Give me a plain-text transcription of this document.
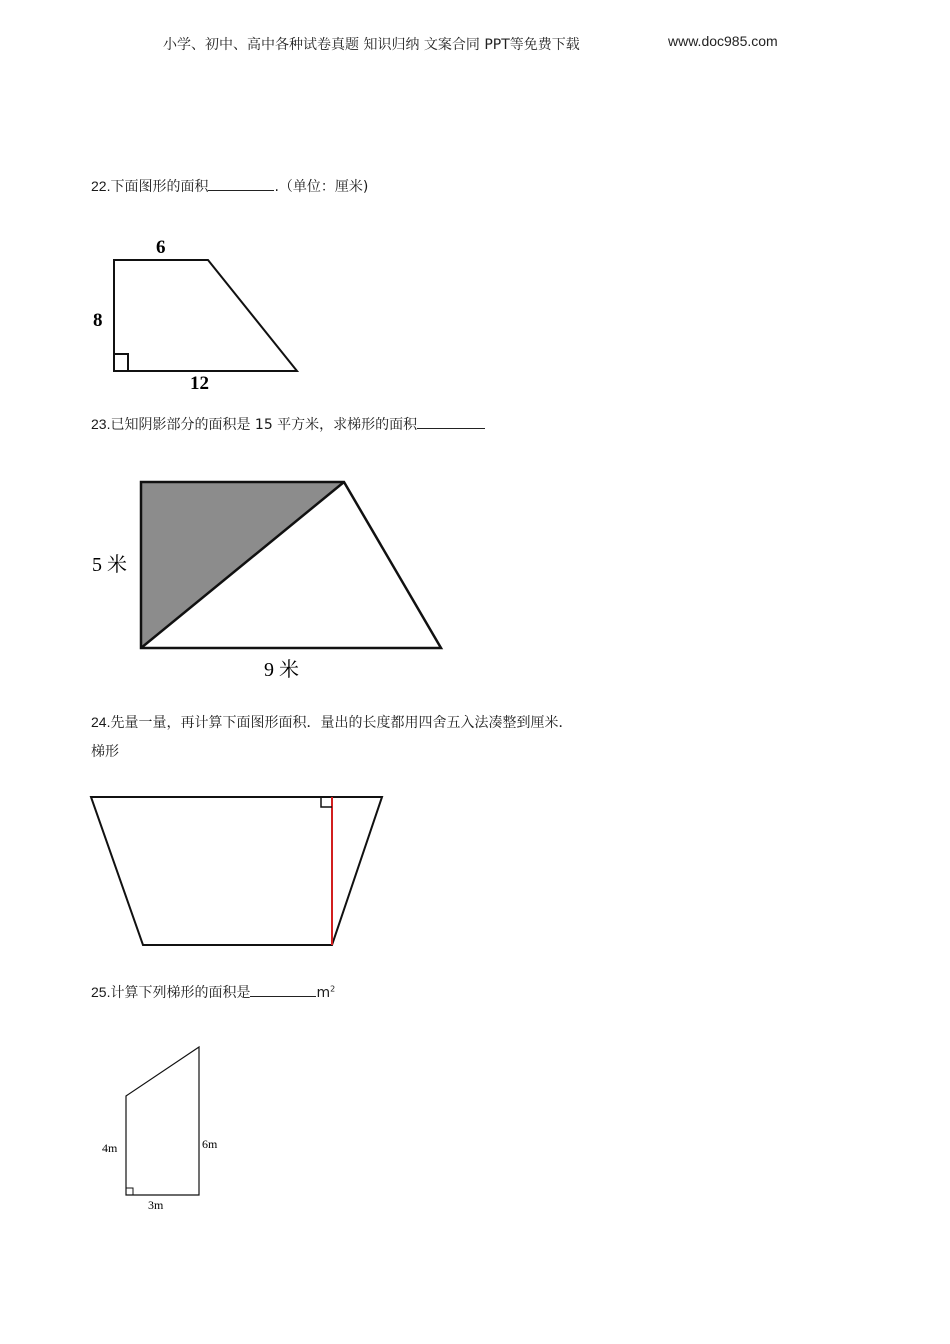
小学、初中、高中各种试卷真题 知识归纳 文案合同 PPT等免费下载	www.doc985.com
22.下面图形的面积	.（单位：厘米)
6
8
12
23.已知阴影部分的面积是 15 平方米，求梯形的面积
5 米
9 米
24.先量一量，再计算下面图形面积．量出的长度都用四舍五入法凑整到厘米．
梯形
25.计算下列梯形的面积是	$m^2$
4m	6m
3m
